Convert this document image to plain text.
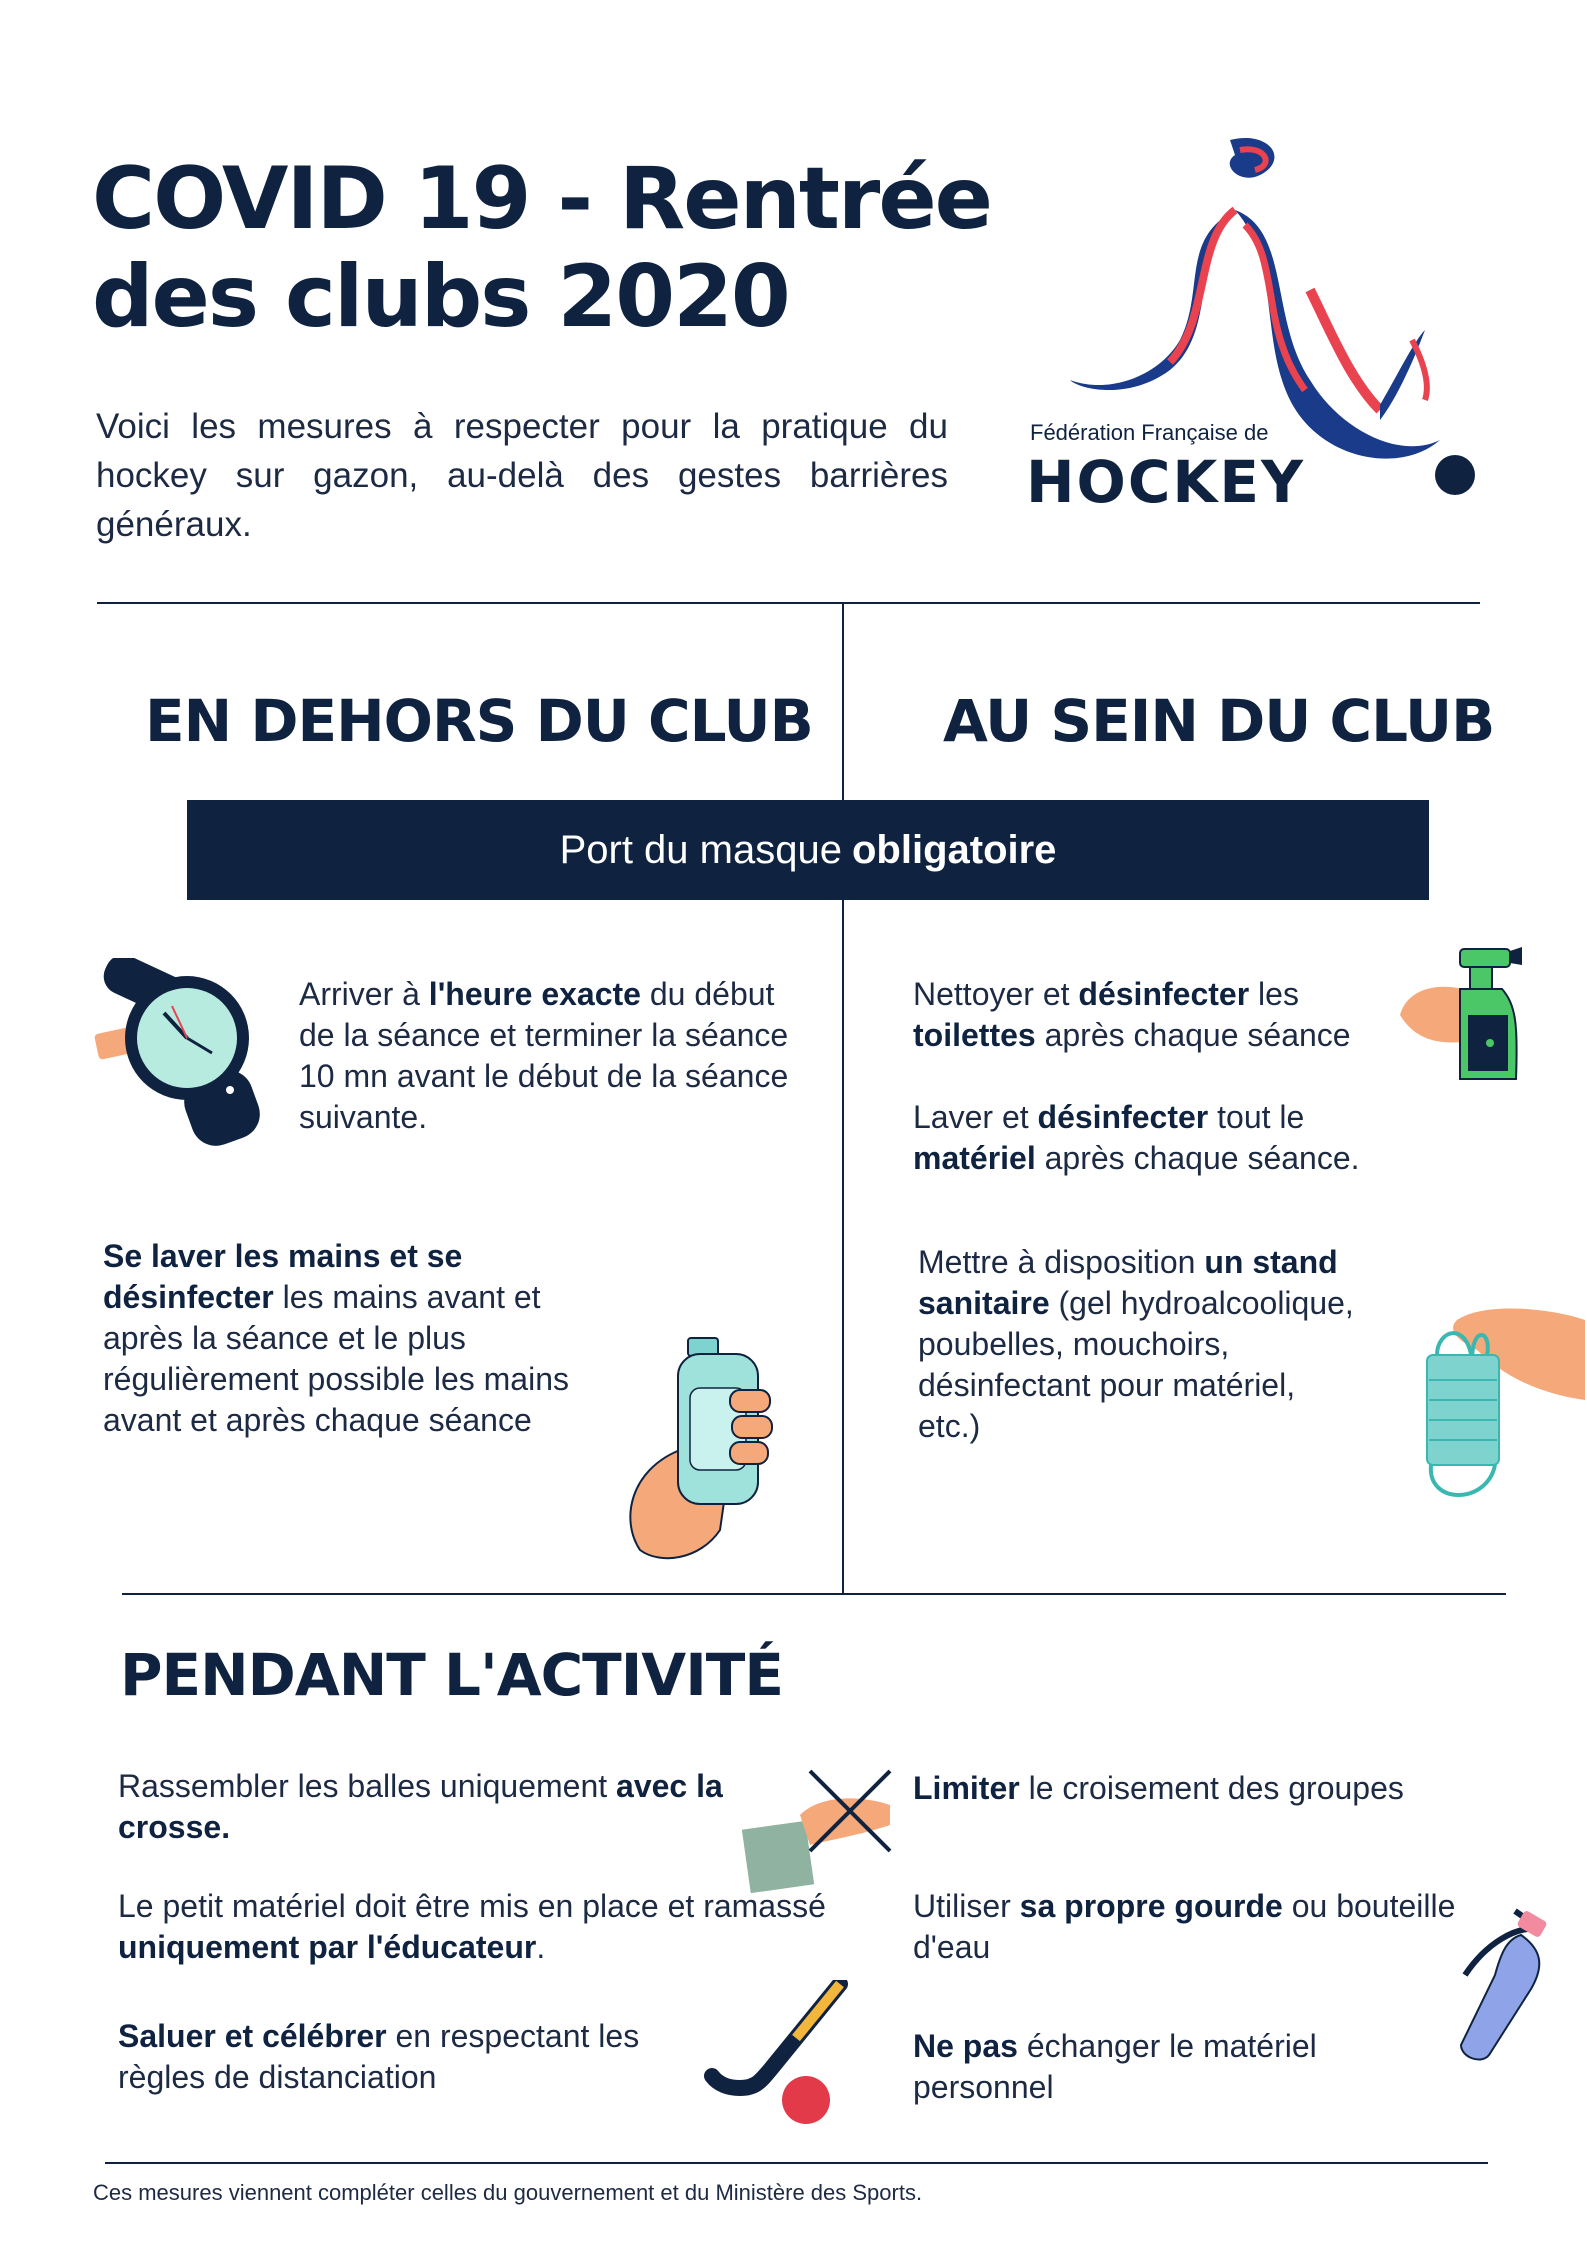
COVID 19 - Rentrée
des clubs 2020

Voici les mesures à respecter pour la pratique du hockey sur gazon, au-delà des gestes barrières généraux.

Fédération Française de
HOCKEY
EN DEHORS DU CLUB AU SEIN DU CLUB
Port du masque obligatoire

Arriver à l'heure exacte du début de la séance et terminer la séance 10 mn avant le début de la séance suivante.

Se laver les mains et se désinfecter les mains avant et après la séance et le plus régulièrement possible les mains avant et après chaque séance

Nettoyer et désinfecter les toilettes après chaque séance

Laver et désinfecter tout le matériel après chaque séance.

Mettre à disposition un stand sanitaire (gel hydroalcoolique, poubelles, mouchoirs, désinfectant pour matériel, etc.)

PENDANT L'ACTIVITÉ

Rassembler les balles uniquement avec la crosse.

Le petit matériel doit être mis en place et ramassé uniquement par l'éducateur.

Saluer et célébrer en respectant les règles de distanciation

Limiter le croisement des groupes

Utiliser sa propre gourde ou bouteille d'eau

Ne pas échanger le matériel personnel

Ces mesures viennent compléter celles du gouvernement et du Ministère des Sports.
